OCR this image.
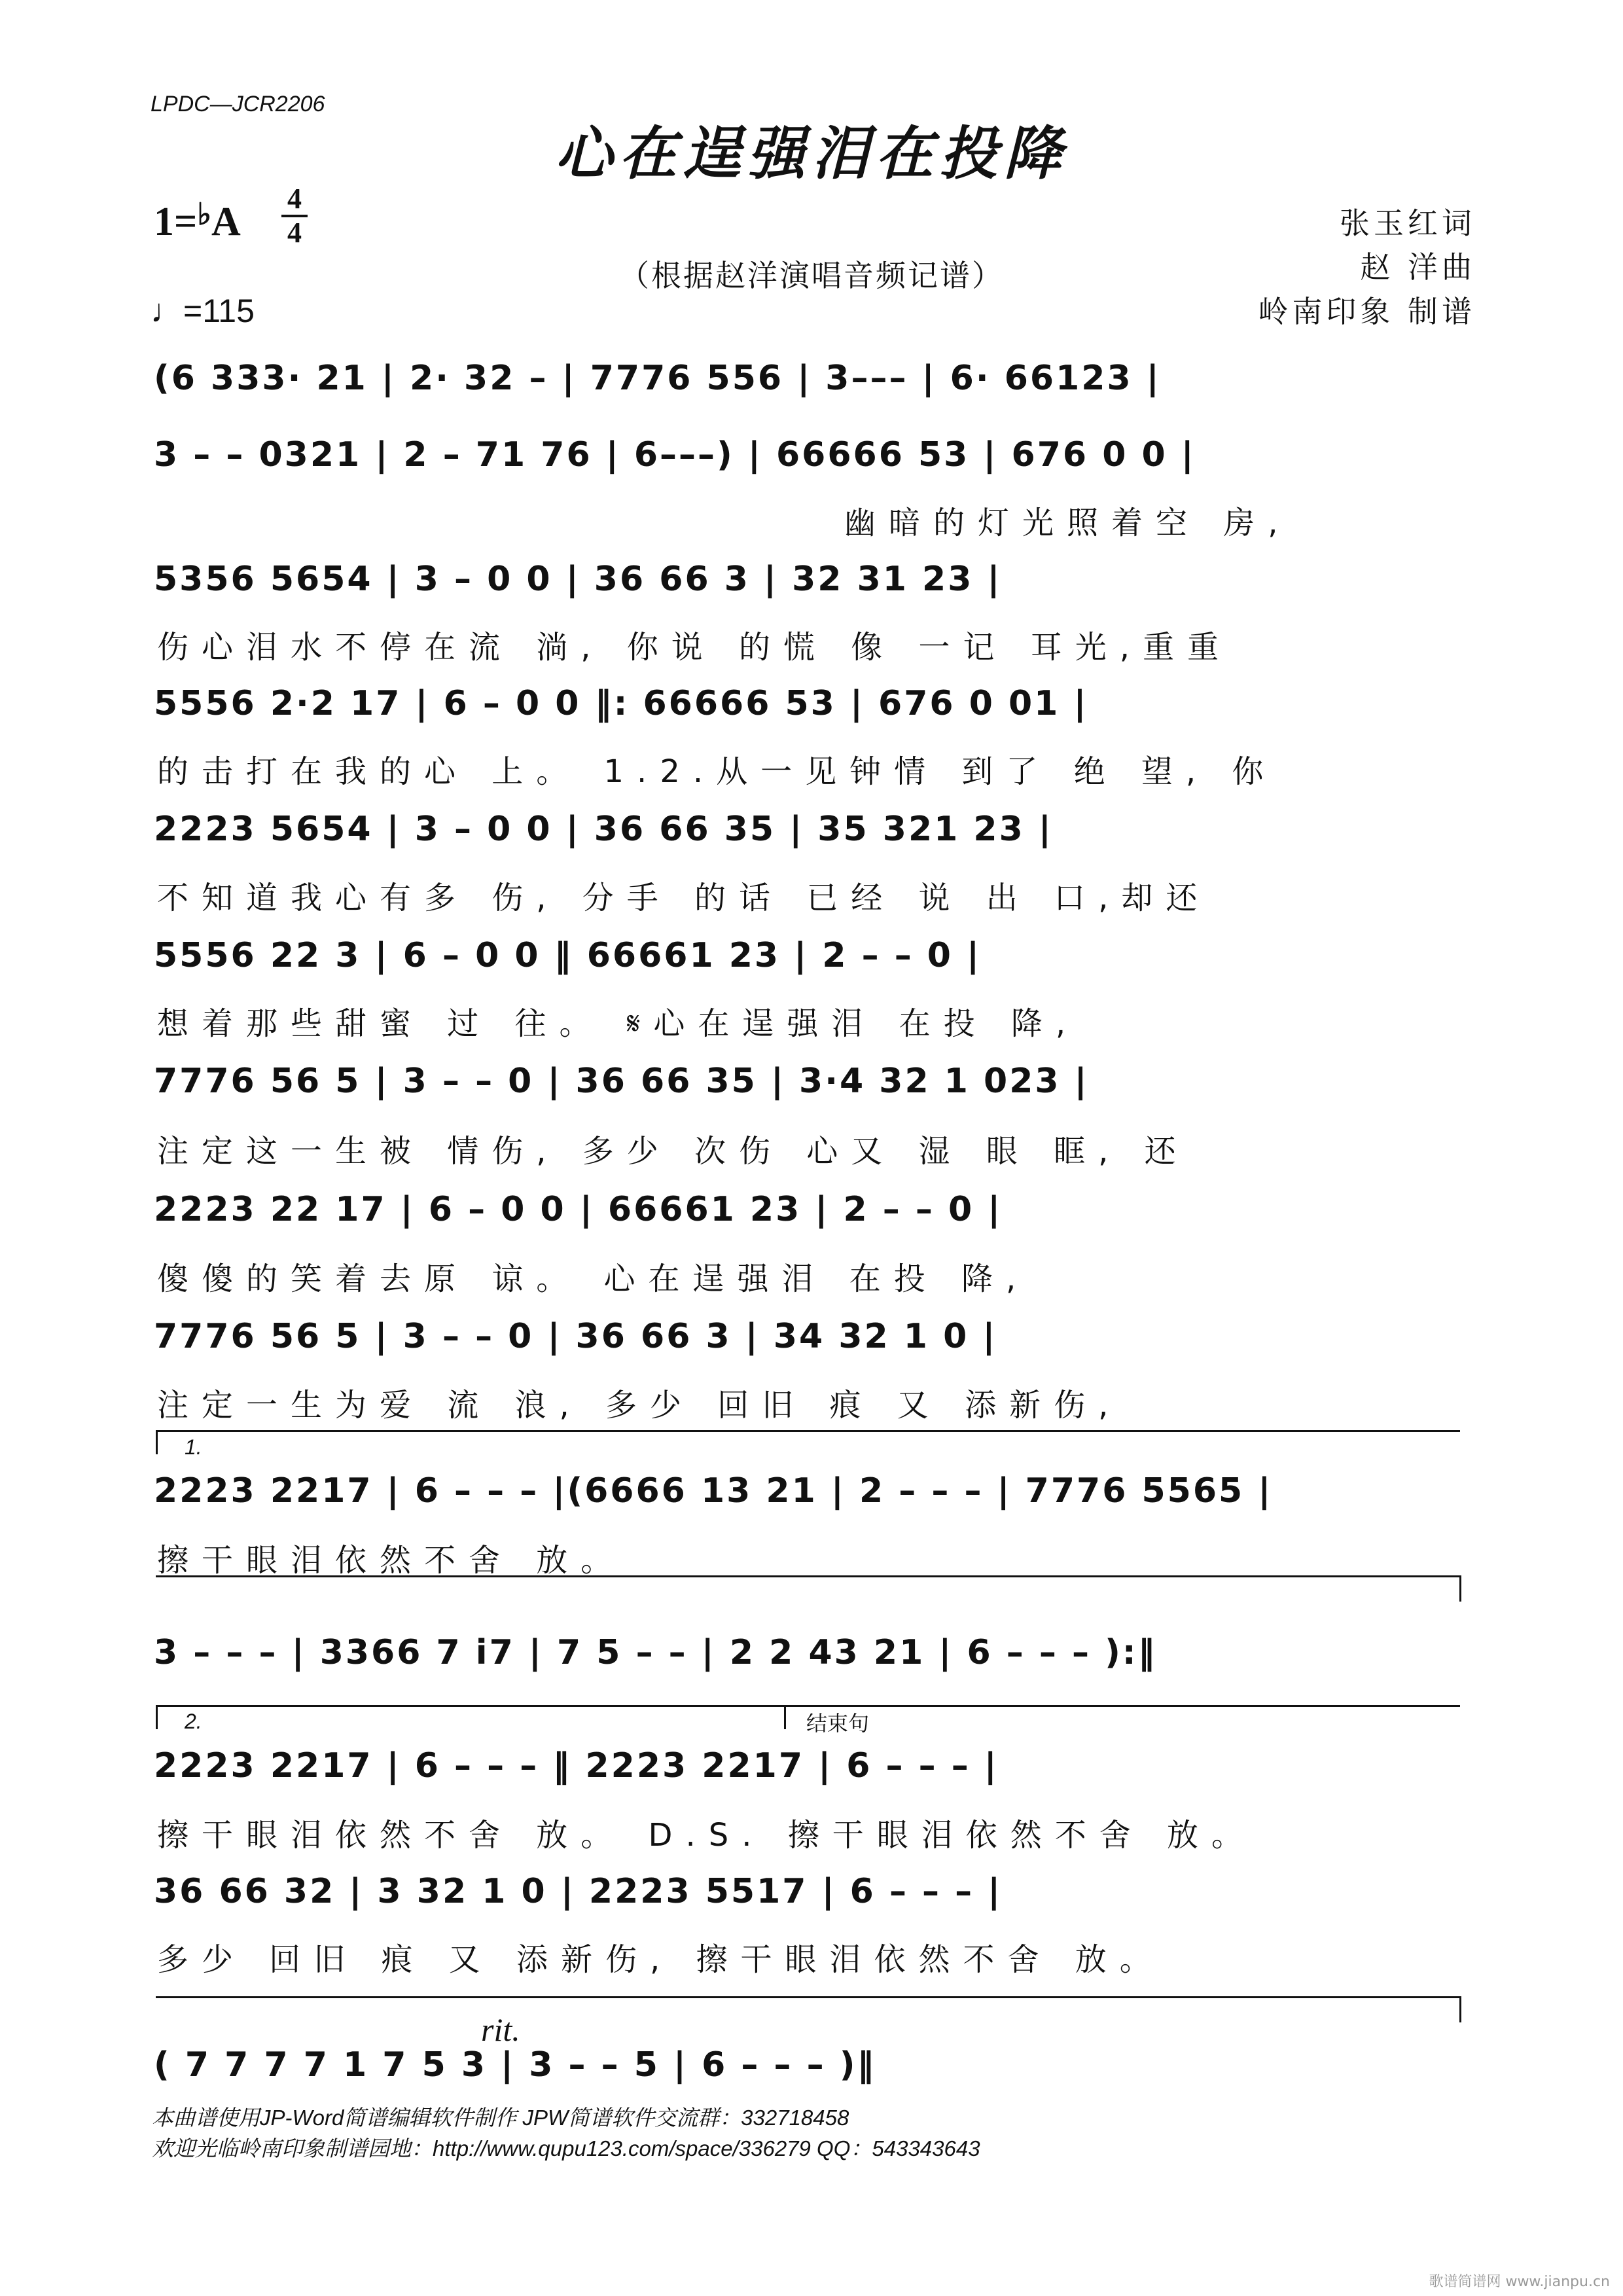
LPDC—JCR2206
心在逞强泪在投降
1=♭A
4
4
♩=115
（根据赵洋演唱音频记谱）
张玉红词
赵 洋曲
岭南印象 制谱
(6 333· 21 | 2· 32 – | 7776 556 | 3––– | 6· 66123 |
3 – – 0321 | 2 – 71 76 | 6–––) | 66666 53 | 676 0 0 |
幽暗的灯光照着空 房,
5356 5654 | 3 – 0 0 | 36 66 3 | 32 31 23 |
伤心泪水不停在流 淌, 你说 的慌 像 一记 耳光,重重
5556 2·2 17 | 6 – 0 0 ‖: 66666 53 | 676 0 01 |
的击打在我的心 上。 1.2.从一见钟情 到了 绝 望, 你
2223 5654 | 3 – 0 0 | 36 66 35 | 35 321 23 |
不知道我心有多 伤, 分手 的话 已经 说 出 口,却还
5556 22 3 | 6 – 0 0 ‖ 66661 23 | 2 – – 0 |
想着那些甜蜜 过 往。 𝄋心在逞强泪 在投 降,
7776 56 5 | 3 – – 0 | 36 66 35 | 3·4 32 1 023 |
注定这一生被 情伤, 多少 次伤 心又 湿 眼 眶, 还
2223 22 17 | 6 – 0 0 | 66661 23 | 2 – – 0 |
傻傻的笑着去原 谅。 心在逞强泪 在投 降,
7776 56 5 | 3 – – 0 | 36 66 3 | 34 32 1 0 |
注定一生为爱 流 浪, 多少 回旧 痕 又 添新伤,
1.
2223 2217 | 6 – – – |(6666 13 21 | 2 – – – | 7776 5565 |
擦干眼泪依然不舍 放。
3 – – – | 3366 7 i7 | 7 5 – – | 2 2 43 21 | 6 – – – ):‖
2.	结束句
2223 2217 | 6 – – – ‖ 2223 2217 | 6 – – – |
擦干眼泪依然不舍 放。 D.S. 擦干眼泪依然不舍 放。
36 66 32 | 3 32 1 0 | 2223 5517 | 6 – – – |
多少 回旧 痕 又 添新伤, 擦干眼泪依然不舍 放。
rit.
( 7 7 7 7 1 7 5 3 | 3 – – 5 | 6 – – – )‖
本曲谱使用JP-Word简谱编辑软件制作 JPW简谱软件交流群：332718458
欢迎光临岭南印象制谱园地：http://www.qupu123.com/space/336279 QQ：543343643
歌谱简谱网 www.jianpu.cn
